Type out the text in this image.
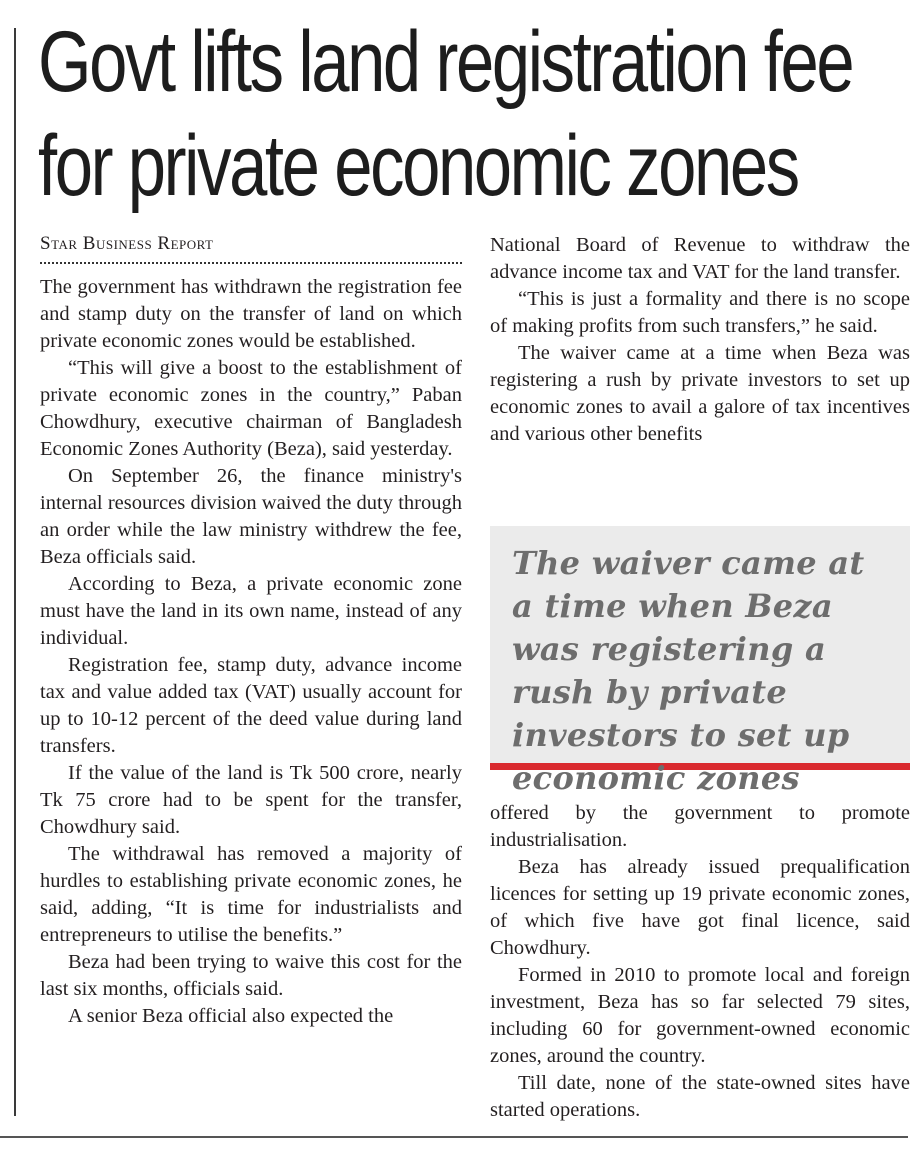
Govt lifts land registration fee for private economic zones
Star Business Report

The government has withdrawn the registration fee and stamp duty on the transfer of land on which private economic zones would be established.

“This will give a boost to the establishment of private economic zones in the country,” Paban Chowdhury, executive chairman of Bangladesh Economic Zones Authority (Beza), said yesterday.

On September 26, the finance ministry's internal resources division waived the duty through an order while the law ministry withdrew the fee, Beza officials said.

According to Beza, a private economic zone must have the land in its own name, instead of any individual.

Registration fee, stamp duty, advance income tax and value added tax (VAT) usually account for up to 10-12 percent of the deed value during land transfers.

If the value of the land is Tk 500 crore, nearly Tk 75 crore had to be spent for the transfer, Chowdhury said.

The withdrawal has removed a majority of hurdles to establishing private economic zones, he said, adding, “It is time for industrialists and entrepreneurs to utilise the benefits.”

Beza had been trying to waive this cost for the last six months, officials said.

A senior Beza official also expected the

National Board of Revenue to withdraw the advance income tax and VAT for the land transfer.

“This is just a formality and there is no scope of making profits from such transfers,” he said.

The waiver came at a time when Beza was registering a rush by private investors to set up economic zones to avail a galore of tax incentives and various other benefits

The waiver came at a time when Beza was registering a rush by private investors to set up economic zones

offered by the government to promote industrialisation.

Beza has already issued prequalification licences for setting up 19 private economic zones, of which five have got final licence, said Chowdhury.

Formed in 2010 to promote local and foreign investment, Beza has so far selected 79 sites, including 60 for government-owned economic zones, around the country.

Till date, none of the state-owned sites have started operations.
